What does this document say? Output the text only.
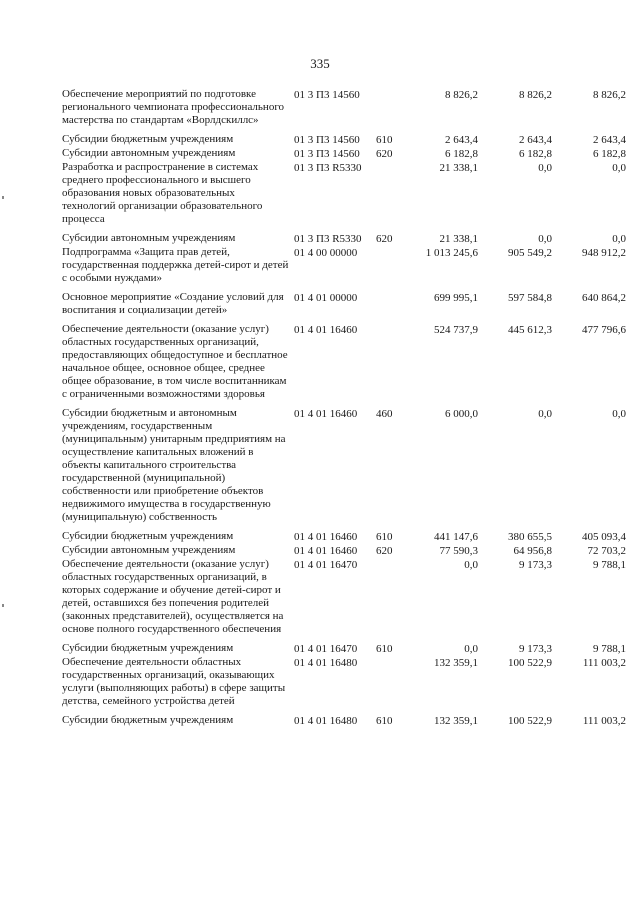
335
Обеспечение мероприятий по подготовке регионального чемпионата профессионального мастерства по стандартам «Ворлдскиллс»	01 3 П3 14560		8 826,2	8 826,2	8 826,2
Субсидии бюджетным учреждениям	01 3 П3 14560	610	2 643,4	2 643,4	2 643,4
Субсидии автономным учреждениям	01 3 П3 14560	620	6 182,8	6 182,8	6 182,8
Разработка и распространение в системах среднего профессионального и высшего образования новых образовательных технологий организации образовательного процесса	01 3 П3 R5330		21 338,1	0,0	0,0
Субсидии автономным учреждениям	01 3 П3 R5330	620	21 338,1	0,0	0,0
Подпрограмма «Защита прав детей, государственная поддержка детей-сирот и детей с особыми нуждами»	01 4 00 00000		1 013 245,6	905 549,2	948 912,2
Основное мероприятие «Создание условий для воспитания и социализации детей»	01 4 01 00000		699 995,1	597 584,8	640 864,2
Обеспечение деятельности (оказание услуг) областных государственных организаций, предоставляющих общедоступное и бесплатное начальное общее, основное общее, среднее общее образование, в том числе воспитанникам с ограниченными возможностями здоровья	01 4 01 16460		524 737,9	445 612,3	477 796,6
Субсидии бюджетным и автономным учреждениям, государственным (муниципальным) унитарным предприятиям на осуществление капитальных вложений в объекты капитального строительства государственной (муниципальной) собственности или приобретение объектов недвижимого имущества в государственную (муниципальную) собственность	01 4 01 16460	460	6 000,0	0,0	0,0
Субсидии бюджетным учреждениям	01 4 01 16460	610	441 147,6	380 655,5	405 093,4
Субсидии автономным учреждениям	01 4 01 16460	620	77 590,3	64 956,8	72 703,2
Обеспечение деятельности (оказание услуг) областных государственных организаций, в которых содержание и обучение детей-сирот и детей, оставшихся без попечения родителей (законных представителей), осуществляется на основе полного государственного обеспечения	01 4 01 16470		0,0	9 173,3	9 788,1
Субсидии бюджетным учреждениям	01 4 01 16470	610	0,0	9 173,3	9 788,1
Обеспечение деятельности областных государственных организаций, оказывающих услуги (выполняющих работы) в сфере защиты детства, семейного устройства детей	01 4 01 16480		132 359,1	100 522,9	111 003,2
Субсидии бюджетным учреждениям	01 4 01 16480	610	132 359,1	100 522,9	111 003,2
